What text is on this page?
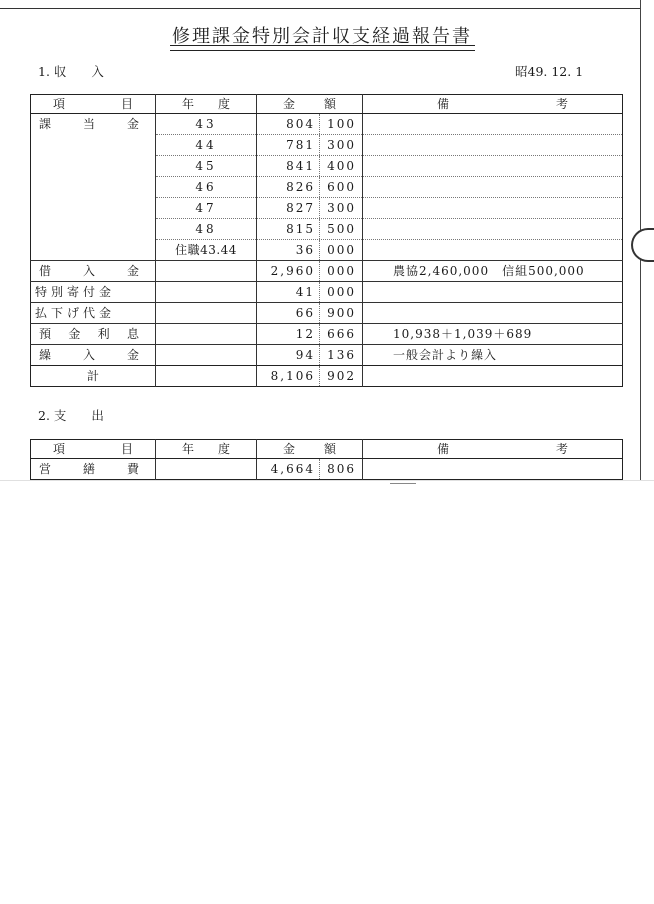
修理課金特別会計収支経過報告書
1. 収　　入	昭49. 12. 1
項 目	年 度	金 額	備 考

課 当 金	43	804 100	

	44	781 300	

	45	841 400	

	46	826 600	

	47	827 300	

	48	815 500	

	住職43.44	36 000	

借 入 金		2,960 000	農協2,460,000　信組500,000
特別寄付金		41 000	

払下げ代金		66 900	

預 金 利 息		12 666	10,938＋1,039＋689

繰 入 金		94 136	一般会計より繰入
計		8,106 902	

2. 支　　出
項 目	年 度	金 額	備 考

営 繕 費		4,664 806	
